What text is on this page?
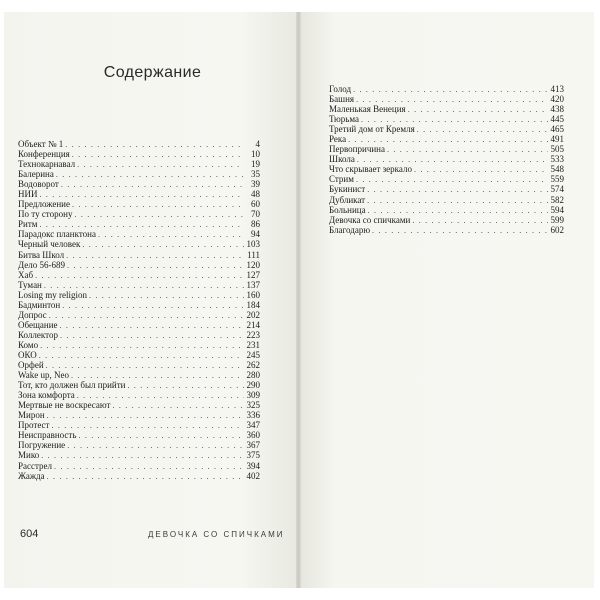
Содержание
Объект № 1 . . .	4
Конференция . . .	10
Технокарнавал . . .	19
Балерина . . .	35
Водоворот . . .	39
НИИ . . .	48
Предложение . . .	60
По ту сторону . . .	70
Ритм . . .	86
Парадокс планктона . . .	94
Черный человек . . .	103
Битва Школ . . .	111
Дело 56-689 . . .	120
Хаб . . .	127
Туман . . .	137
Losing my religion . . .	160
Бадминтон . . .	184
Допрос . . .	202
Обещание . . .	214
Коллектор . . .	223
Комо . . .	231
ОКО . . .	245
Орфей . . .	262
Wake up, Neo . . .	280
Тот, кто должен был прийти . . .	290
Зона комфорта . . .	309
Мертвые не воскресают . . .	325
Мирон . . .	336
Протест . . .	347
Неисправность . . .	360
Погружение . . .	367
Мико . . .	375
Расстрел . . .	394
Жажда . . .	402
Голод . . .	413
Башня . . .	420
Маленькая Венеция . . .	438
Тюрьма . . .	445
Третий дом от Кремля . . .	465
Река . . .	491
Первопричина . . .	505
Школа . . .	533
Что скрывает зеркало . . .	548
Стрим . . .	559
Букинист . . .	574
Дубликат . . .	582
Больница . . .	594
Девочка со спичками . . .	599
Благодарю . . .	602
604	ДЕВОЧКА СО СПИЧКАМИ
